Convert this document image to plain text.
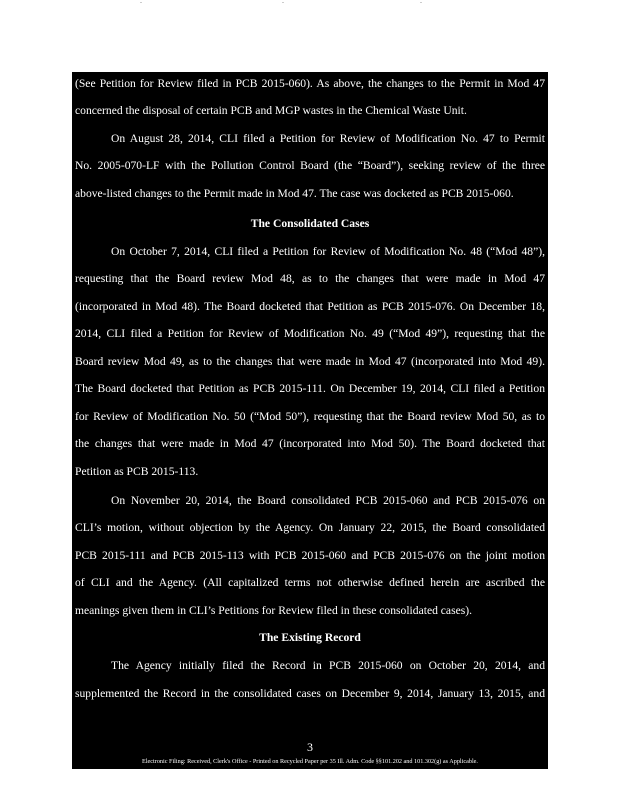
(See Petition for Review filed in PCB 2015-060). As above, the changes to the Permit in Mod 47
concerned the disposal of certain PCB and MGP wastes in the Chemical Waste Unit.
On August 28, 2014, CLI filed a Petition for Review of Modification No. 47 to Permit
No. 2005-070-LF with the Pollution Control Board (the “Board”), seeking review of the three
above-listed changes to the Permit made in Mod 47. The case was docketed as PCB 2015-060.
The Consolidated Cases
On October 7, 2014, CLI filed a Petition for Review of Modification No. 48 (“Mod 48”),
requesting that the Board review Mod 48, as to the changes that were made in Mod 47
(incorporated in Mod 48). The Board docketed that Petition as PCB 2015-076. On December 18,
2014, CLI filed a Petition for Review of Modification No. 49 (“Mod 49”), requesting that the
Board review Mod 49, as to the changes that were made in Mod 47 (incorporated into Mod 49).
The Board docketed that Petition as PCB 2015-111. On December 19, 2014, CLI filed a Petition
for Review of Modification No. 50 (“Mod 50”), requesting that the Board review Mod 50, as to
the changes that were made in Mod 47 (incorporated into Mod 50). The Board docketed that
Petition as PCB 2015-113.
On November 20, 2014, the Board consolidated PCB 2015-060 and PCB 2015-076 on
CLI’s motion, without objection by the Agency. On January 22, 2015, the Board consolidated
PCB 2015-111 and PCB 2015-113 with PCB 2015-060 and PCB 2015-076 on the joint motion
of CLI and the Agency. (All capitalized terms not otherwise defined herein are ascribed the
meanings given them in CLI’s Petitions for Review filed in these consolidated cases).
The Existing Record
The Agency initially filed the Record in PCB 2015-060 on October 20, 2014, and
supplemented the Record in the consolidated cases on December 9, 2014, January 13, 2015, and
3
Electronic Filing: Received, Clerk's Office - Printed on Recycled Paper per 35 Ill. Adm. Code §§101.202 and 101.302(g) as Applicable.
